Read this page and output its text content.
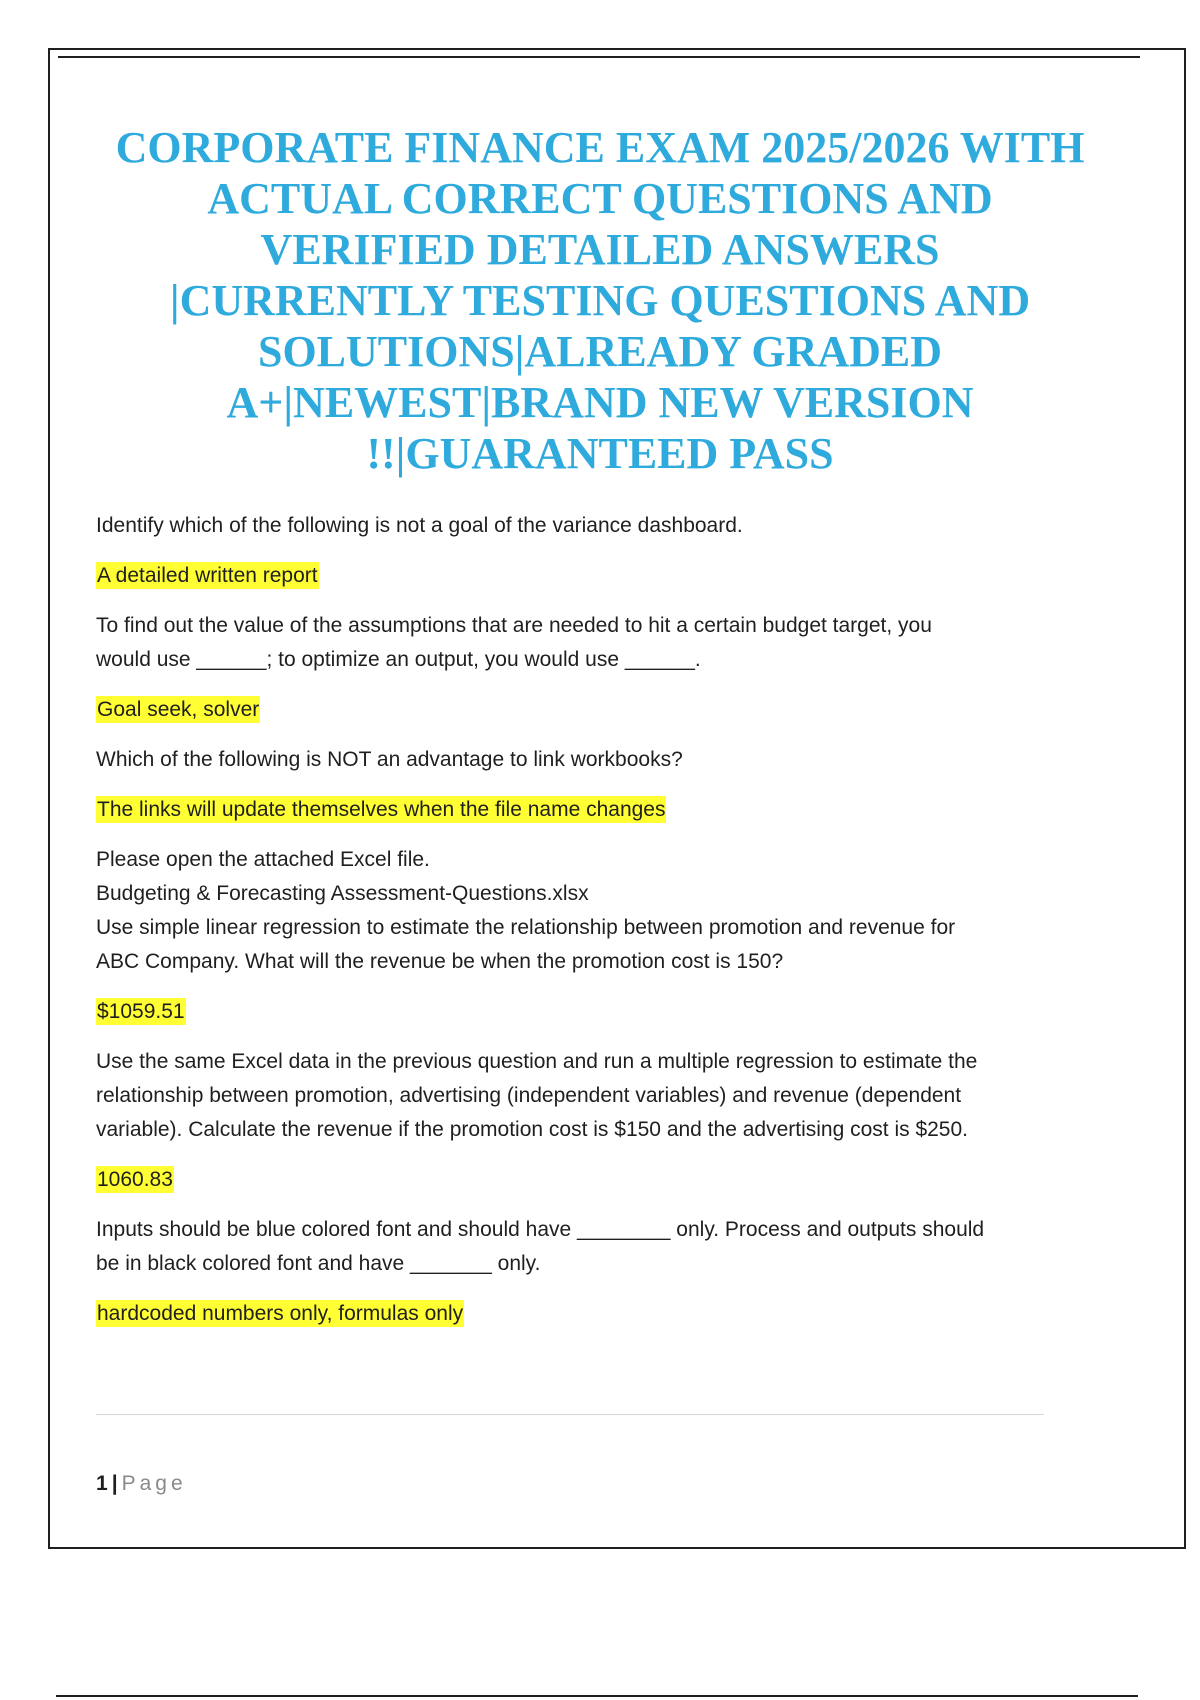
CORPORATE FINANCE EXAM 2025/2026 WITH
ACTUAL CORRECT QUESTIONS AND
VERIFIED DETAILED ANSWERS
|CURRENTLY TESTING QUESTIONS AND
SOLUTIONS|ALREADY GRADED
A+|NEWEST|BRAND NEW VERSION
!!|GUARANTEED PASS

Identify which of the following is not a goal of the variance dashboard.

A detailed written report

To find out the value of the assumptions that are needed to hit a certain budget target, you
would use ______; to optimize an output, you would use ______.

Goal seek, solver

Which of the following is NOT an advantage to link workbooks?

The links will update themselves when the file name changes

Please open the attached Excel file.
Budgeting & Forecasting Assessment-Questions.xlsx
Use simple linear regression to estimate the relationship between promotion and revenue for
ABC Company. What will the revenue be when the promotion cost is 150?

$1059.51

Use the same Excel data in the previous question and run a multiple regression to estimate the
relationship between promotion, advertising (independent variables) and revenue (dependent
variable). Calculate the revenue if the promotion cost is $150 and the advertising cost is $250.

1060.83

Inputs should be blue colored font and should have ________ only. Process and outputs should
be in black colored font and have _______ only.

hardcoded numbers only, formulas only

1 | Page
